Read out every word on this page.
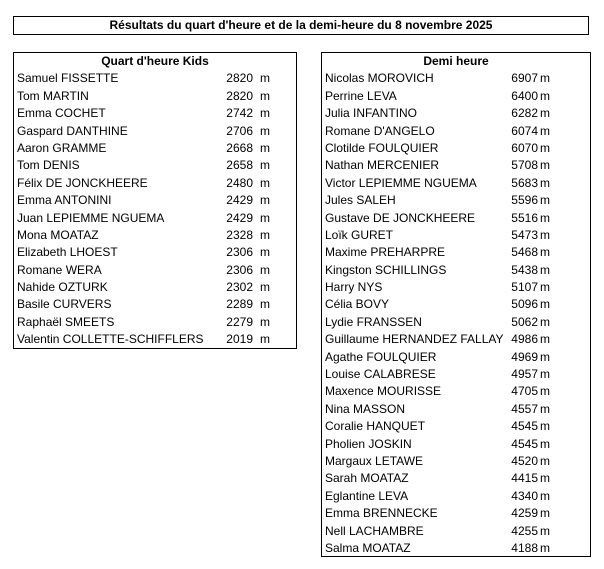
Résultats du quart d'heure et de la demi-heure du 8 novembre 2025
Quart d'heure Kids
Samuel FISSETTE	2820 m
Tom MARTIN	2820 m
Emma COCHET	2742 m
Gaspard DANTHINE	2706 m
Aaron GRAMME	2668 m
Tom DENIS	2658 m
Félix DE JONCKHEERE	2480 m
Emma ANTONINI	2429 m
Juan LEPIEMME NGUEMA	2429 m
Mona MOATAZ	2328 m
Elizabeth LHOEST	2306 m
Romane WERA	2306 m
Nahide OZTURK	2302 m
Basile CURVERS	2289 m
Raphaël SMEETS	2279 m
Valentin COLLETTE-SCHIFFLERS	2019 m
Demi heure
Nicolas MOROVICH	6907 m
Perrine LEVA	6400 m
Julia INFANTINO	6282 m
Romane D'ANGELO	6074 m
Clotilde FOULQUIER	6070 m
Nathan MERCENIER	5708 m
Victor LEPIEMME NGUEMA	5683 m
Jules SALEH	5596 m
Gustave DE JONCKHEERE	5516 m
Loïk GURET	5473 m
Maxime PREHARPRE	5468 m
Kingston SCHILLINGS	5438 m
Harry NYS	5107 m
Célia BOVY	5096 m
Lydie FRANSSEN	5062 m
Guillaume HERNANDEZ FALLAY 4986 m
Agathe FOULQUIER	4969 m
Louise CALABRESE	4957 m
Maxence MOURISSE	4705 m
Nina MASSON	4557 m
Coralie HANQUET	4545 m
Pholien JOSKIN	4545 m
Margaux LETAWE	4520 m
Sarah MOATAZ	4415 m
Eglantine LEVA	4340 m
Emma BRENNECKE	4259 m
Nell LACHAMBRE	4255 m
Salma MOATAZ	4188 m
